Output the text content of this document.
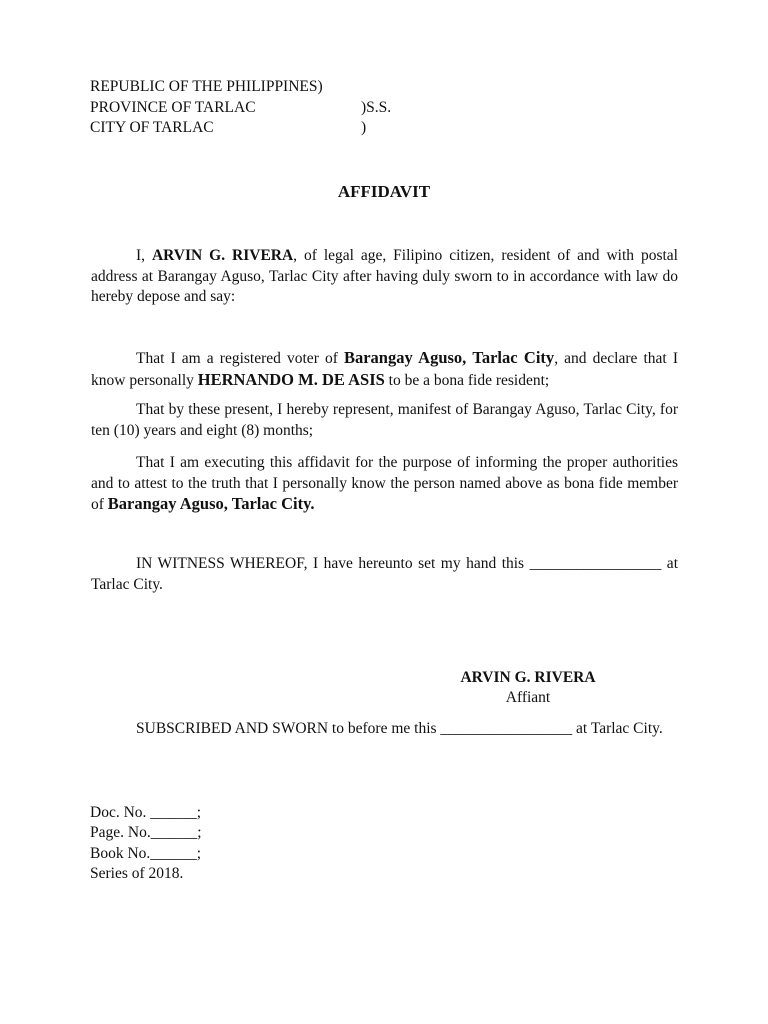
REPUBLIC OF THE PHILIPPINES)
PROVINCE OF TARLAC	)S.S.
CITY OF TARLAC	)
AFFIDAVIT

I, ARVIN G. RIVERA, of legal age, Filipino citizen, resident of and with postal address at Barangay Aguso, Tarlac City after having duly sworn to in accordance with law do hereby depose and say:

That I am a registered voter of Barangay Aguso, Tarlac City, and declare that I know personally HERNANDO M. DE ASIS to be a bona fide resident;

That by these present, I hereby represent, manifest of Barangay Aguso, Tarlac City, for ten (10) years and eight (8) months;

That I am executing this affidavit for the purpose of informing the proper authorities and to attest to the truth that I personally know the person named above as bona fide member of Barangay Aguso, Tarlac City.

IN WITNESS WHEREOF, I have hereunto set my hand this _________________ at Tarlac City.

ARVIN G. RIVERA
Affiant

SUBSCRIBED AND SWORN to before me this _________________ at Tarlac City.

Doc. No. ______;
Page. No.______;
Book No.______;
Series of 2018.
